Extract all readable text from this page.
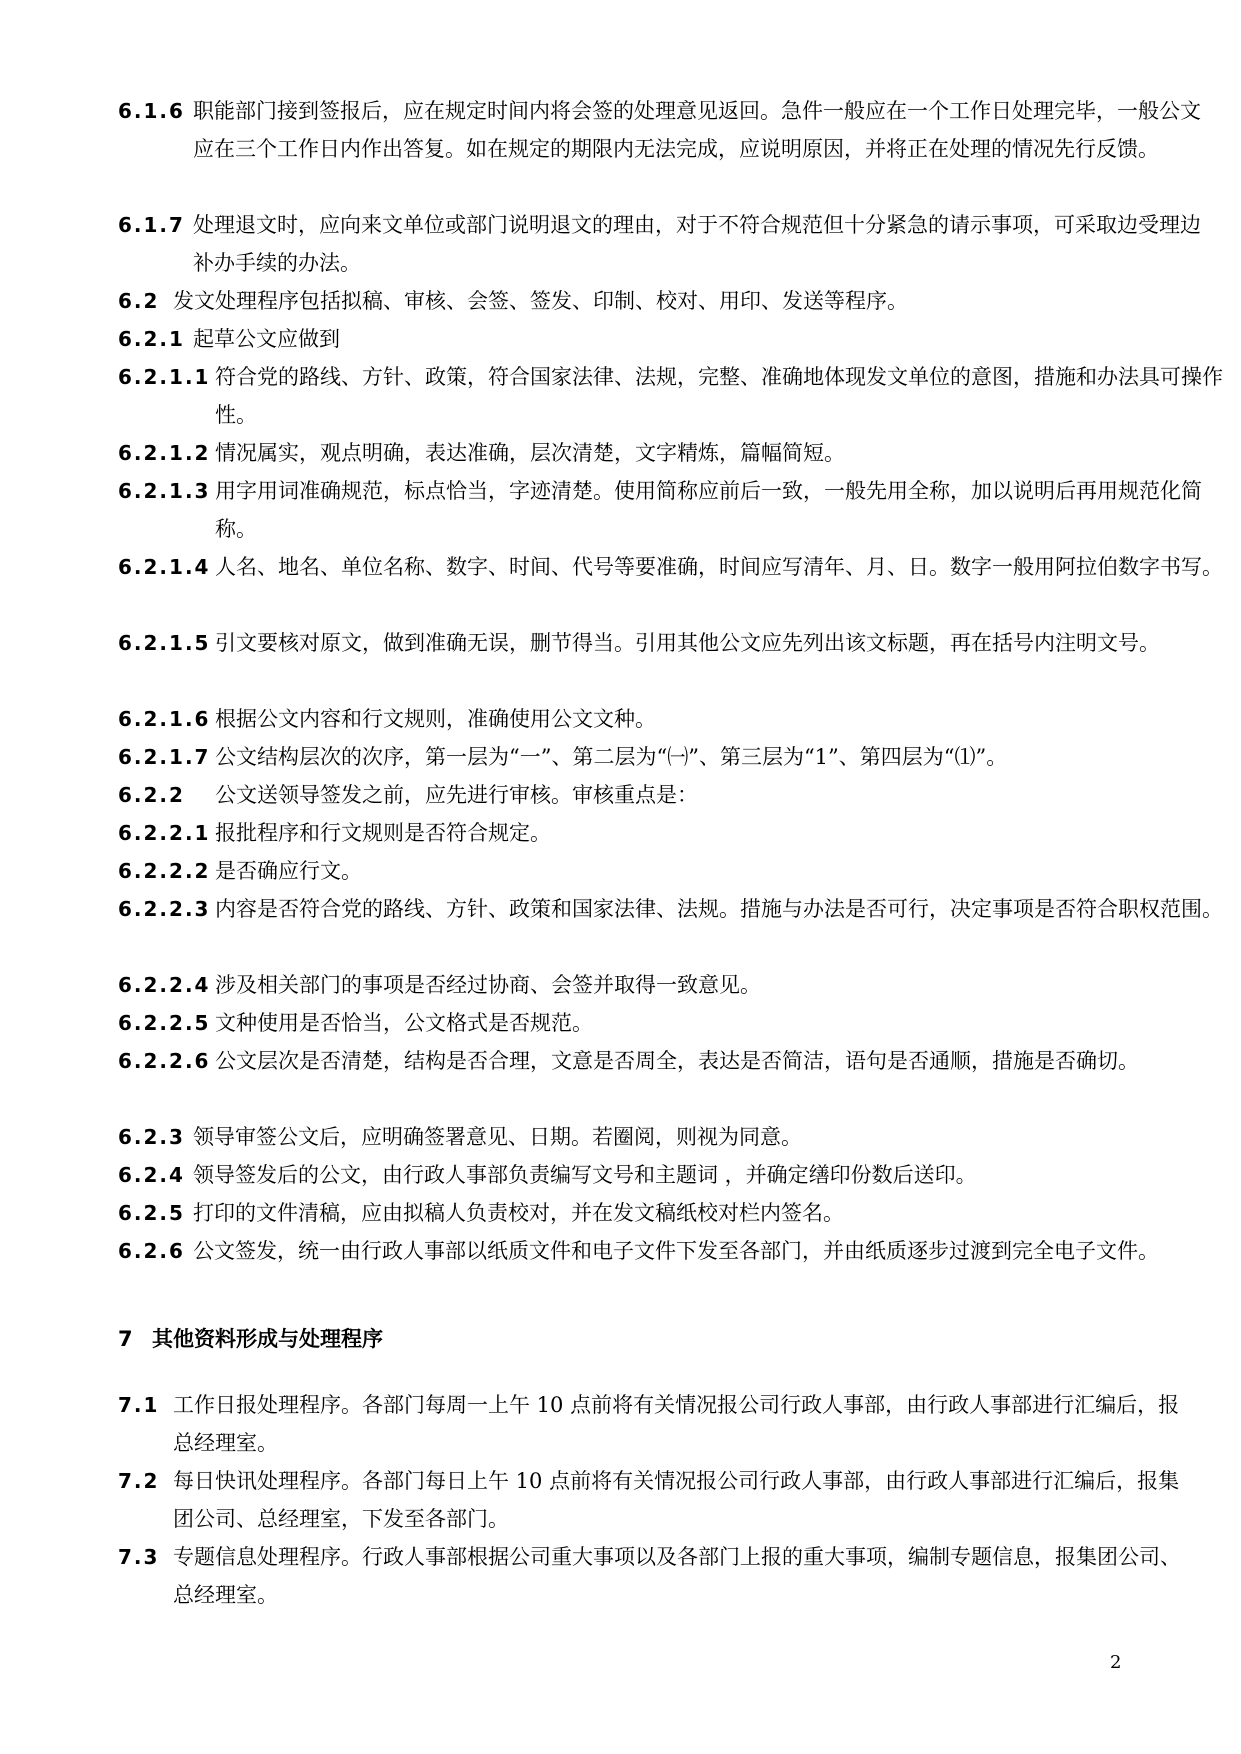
6.1.6 职能部门接到签报后，应在规定时间内将会签的处理意见返回。急件一般应在一个工作日处理完毕，一般公文应在三个工作日内作出答复。如在规定的期限内无法完成，应说明原因，并将正在处理的情况先行反馈。
6.1.7 处理退文时，应向来文单位或部门说明退文的理由，对于不符合规范但十分紧急的请示事项，可采取边受理边补办手续的办法。
6.2 发文处理程序包括拟稿、审核、会签、签发、印制、校对、用印、发送等程序。
6.2.1 起草公文应做到
6.2.1.1 符合党的路线、方针、政策，符合国家法律、法规，完整、准确地体现发文单位的意图，措施和办法具可操作性。
6.2.1.2 情况属实，观点明确，表达准确，层次清楚，文字精炼，篇幅简短。
6.2.1.3 用字用词准确规范，标点恰当，字迹清楚。使用简称应前后一致，一般先用全称，加以说明后再用规范化简称。
6.2.1.4 人名、地名、单位名称、数字、时间、代号等要准确，时间应写清年、月、日。数字一般用阿拉伯数字书写。
6.2.1.5 引文要核对原文，做到准确无误，删节得当。引用其他公文应先列出该文标题，再在括号内注明文号。
6.2.1.6 根据公文内容和行文规则，准确使用公文文种。
6.2.1.7 公文结构层次的次序，第一层为“一”、第二层为“㈠”、第三层为“1”、第四层为“⑴”。
6.2.2 公文送领导签发之前，应先进行审核。审核重点是：
6.2.2.1 报批程序和行文规则是否符合规定。
6.2.2.2 是否确应行文。
6.2.2.3 内容是否符合党的路线、方针、政策和国家法律、法规。措施与办法是否可行，决定事项是否符合职权范围。
6.2.2.4 涉及相关部门的事项是否经过协商、会签并取得一致意见。
6.2.2.5 文种使用是否恰当，公文格式是否规范。
6.2.2.6 公文层次是否清楚，结构是否合理，文意是否周全，表达是否简洁，语句是否通顺，措施是否确切。
6.2.3 领导审签公文后，应明确签署意见、日期。若圈阅，则视为同意。
6.2.4 领导签发后的公文，由行政人事部负责编写文号和主题词 ，并确定缮印份数后送印。
6.2.5 打印的文件清稿，应由拟稿人负责校对，并在发文稿纸校对栏内签名。
6.2.6 公文签发，统一由行政人事部以纸质文件和电子文件下发至各部门，并由纸质逐步过渡到完全电子文件。
7 其他资料形成与处理程序
7.1 工作日报处理程序。各部门每周一上午 10 点前将有关情况报公司行政人事部，由行政人事部进行汇编后，报总经理室。
7.2 每日快讯处理程序。各部门每日上午 10 点前将有关情况报公司行政人事部，由行政人事部进行汇编后，报集团公司、总经理室，下发至各部门。
7.3 专题信息处理程序。行政人事部根据公司重大事项以及各部门上报的重大事项，编制专题信息，报集团公司、总经理室。
2
